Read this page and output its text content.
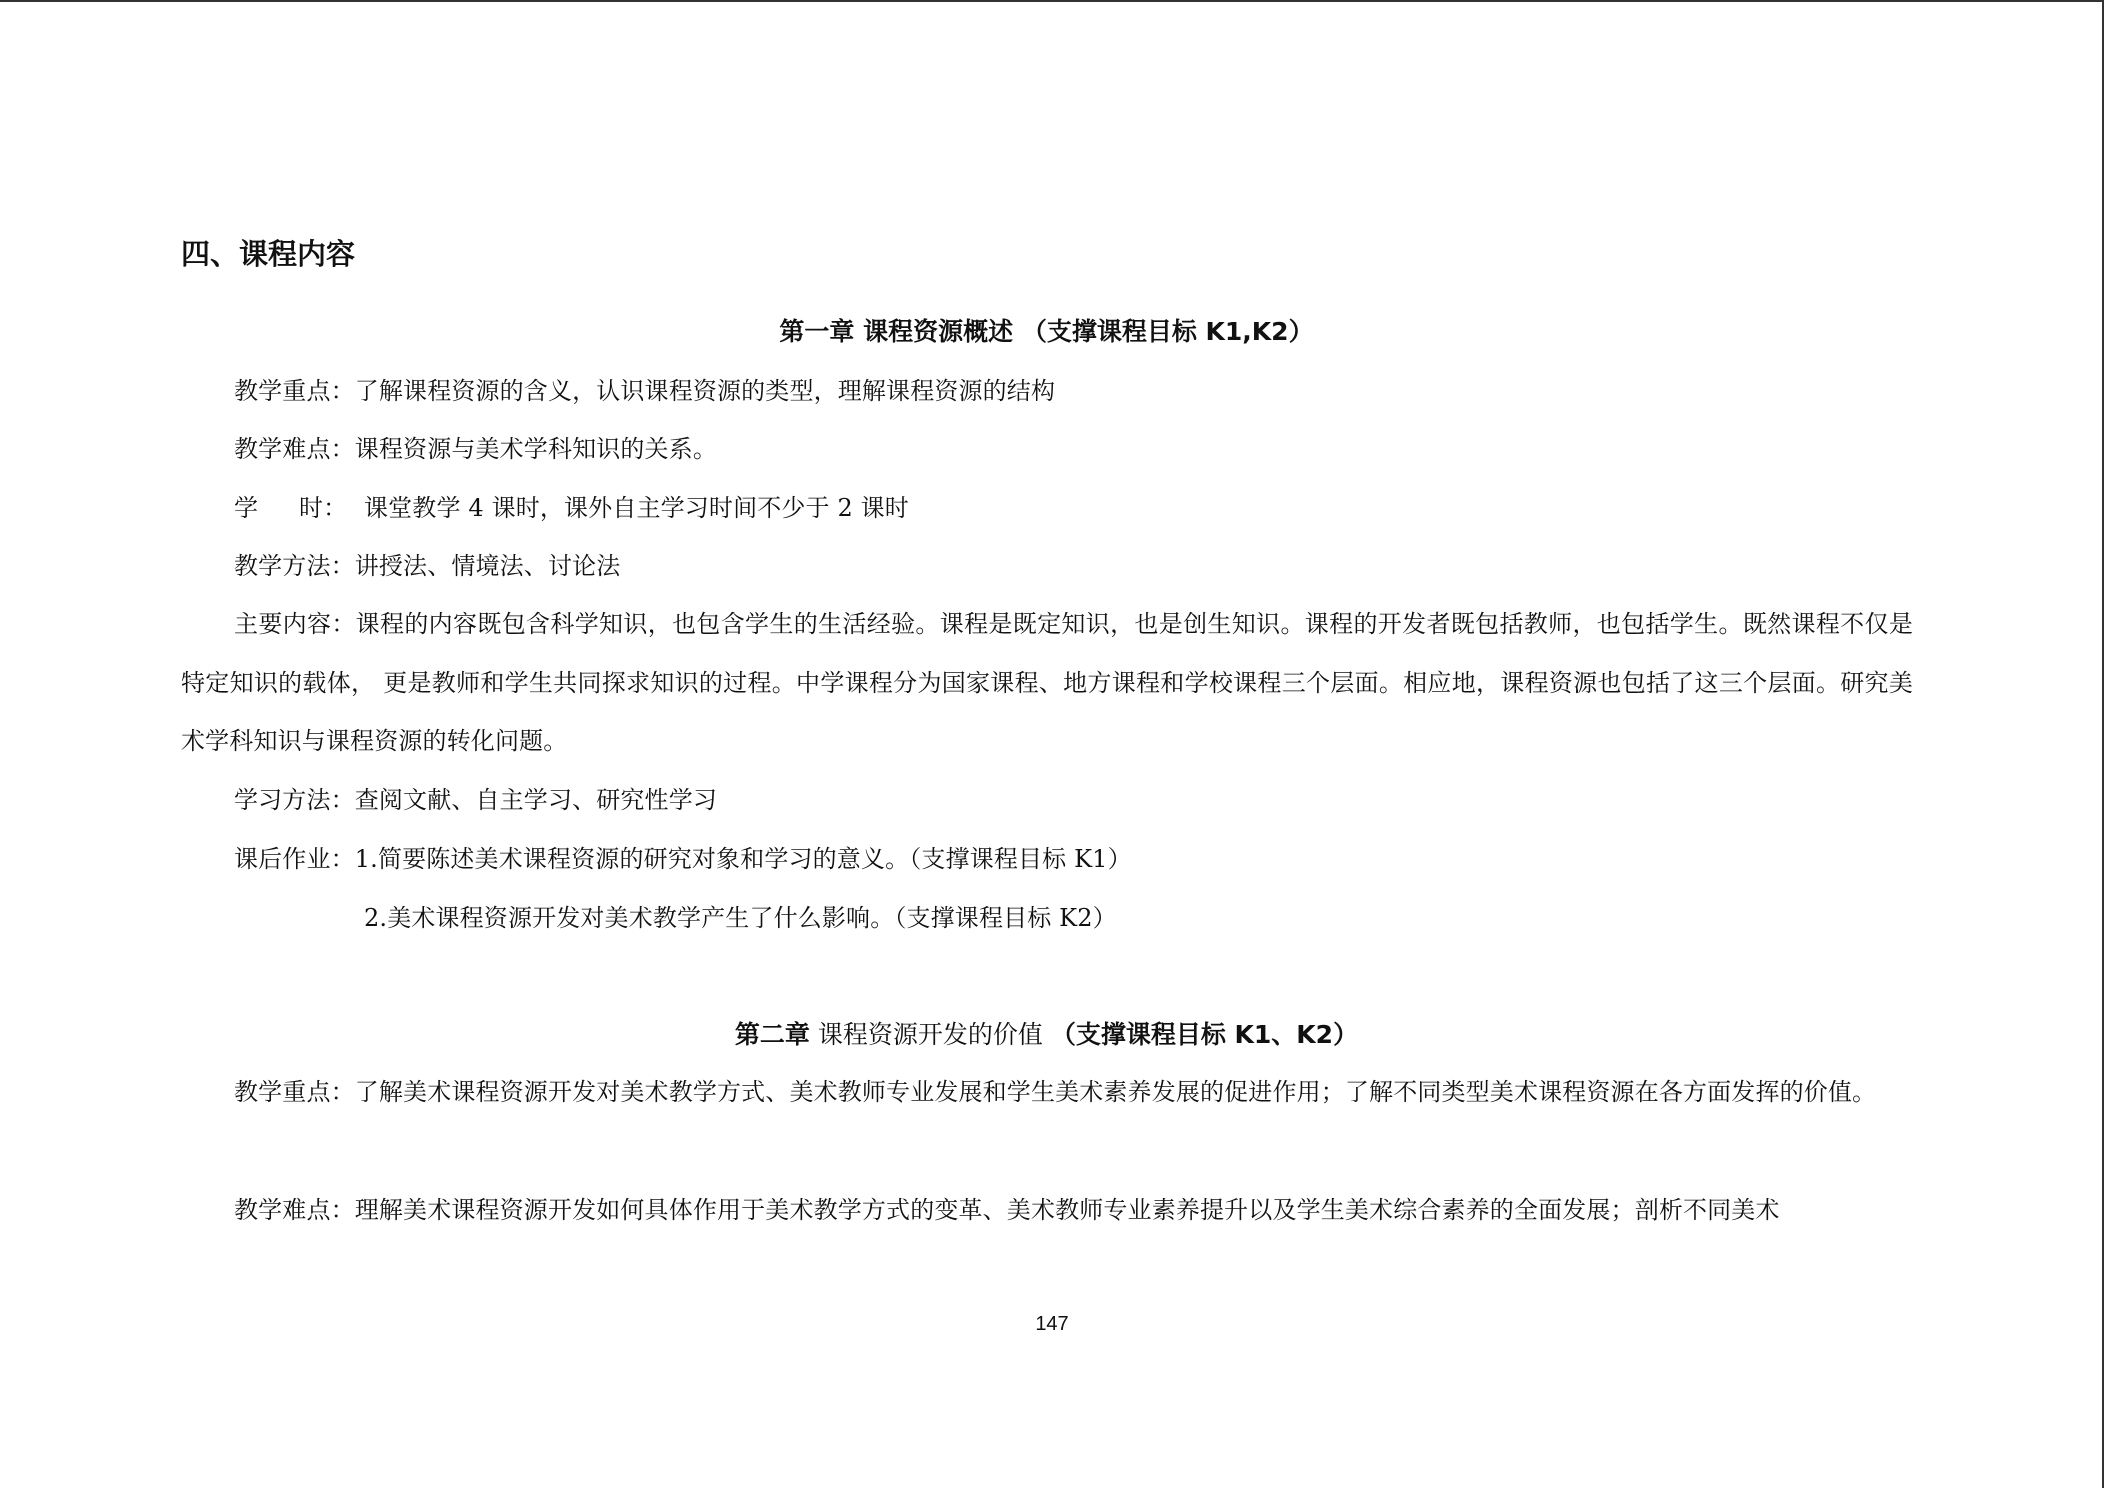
四、课程内容
第一章 课程资源概述 （支撑课程目标 K1,K2）
教学重点：了解课程资源的含义，认识课程资源的类型，理解课程资源的结构
教学难点：课程资源与美术学科知识的关系。
学 时： 课堂教学 4 课时，课外自主学习时间不少于 2 课时
教学方法：讲授法、情境法、讨论法
主要内容：课程的内容既包含科学知识，也包含学生的生活经验。课程是既定知识，也是创生知识。课程的开发者既包括教师，也包括学生。既然课程不仅是特定知识的载体， 更是教师和学生共同探求知识的过程。中学课程分为国家课程、地方课程和学校课程三个层面。相应地，课程资源也包括了这三个层面。研究美术学科知识与课程资源的转化问题。
学习方法：查阅文献、自主学习、研究性学习
课后作业：1.简要陈述美术课程资源的研究对象和学习的意义。（支撑课程目标 K1）
2.美术课程资源开发对美术教学产生了什么影响。（支撑课程目标 K2）
第二章 课程资源开发的价值 （支撑课程目标 K1、K2）
教学重点：了解美术课程资源开发对美术教学方式、美术教师专业发展和学生美术素养发展的促进作用；了解不同类型美术课程资源在各方面发挥的价值。
教学难点：理解美术课程资源开发如何具体作用于美术教学方式的变革、美术教师专业素养提升以及学生美术综合素养的全面发展；剖析不同美术
147
